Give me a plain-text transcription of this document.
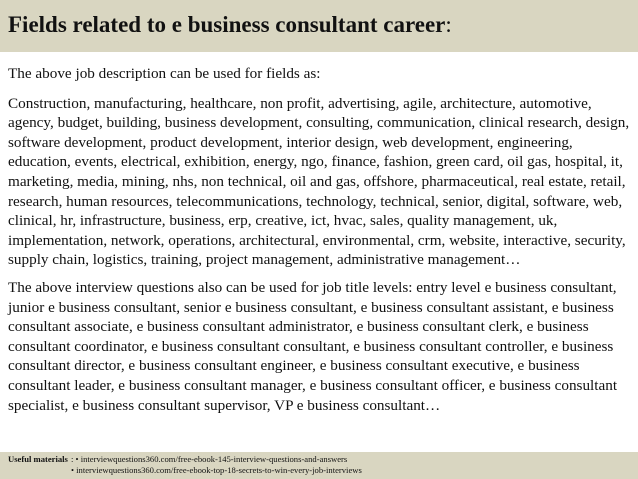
Fields related to e business consultant career:

The above job description can be used for fields as:

Construction, manufacturing, healthcare, non profit, advertising, agile, architecture, automotive, agency, budget, building, business development, consulting, communication, clinical research, design, software development, product development, interior design, web development, engineering, education, events, electrical, exhibition, energy, ngo, finance, fashion, green card, oil gas, hospital, it, marketing, media, mining, nhs, non technical, oil and gas, offshore, pharmaceutical, real estate, retail, research, human resources, telecommunications, technology, technical, senior, digital, software, web, clinical, hr, infrastructure, business, erp, creative, ict, hvac, sales, quality management, uk, implementation, network, operations, architectural, environmental, crm, website, interactive, security, supply chain, logistics, training, project management, administrative management…

The above interview questions also can be used for job title levels: entry level e business consultant, junior e business consultant, senior e business consultant, e business consultant assistant, e business consultant associate, e business consultant administrator, e business consultant clerk, e business consultant coordinator, e business consultant consultant, e business consultant controller, e business consultant director, e business consultant engineer, e business consultant executive, e business consultant leader, e business consultant manager, e business consultant officer, e business consultant specialist, e business consultant supervisor, VP e business consultant…

Useful materials : • interviewquestions360.com/free-ebook-145-interview-questions-and-answers
• interviewquestions360.com/free-ebook-top-18-secrets-to-win-every-job-interviews
